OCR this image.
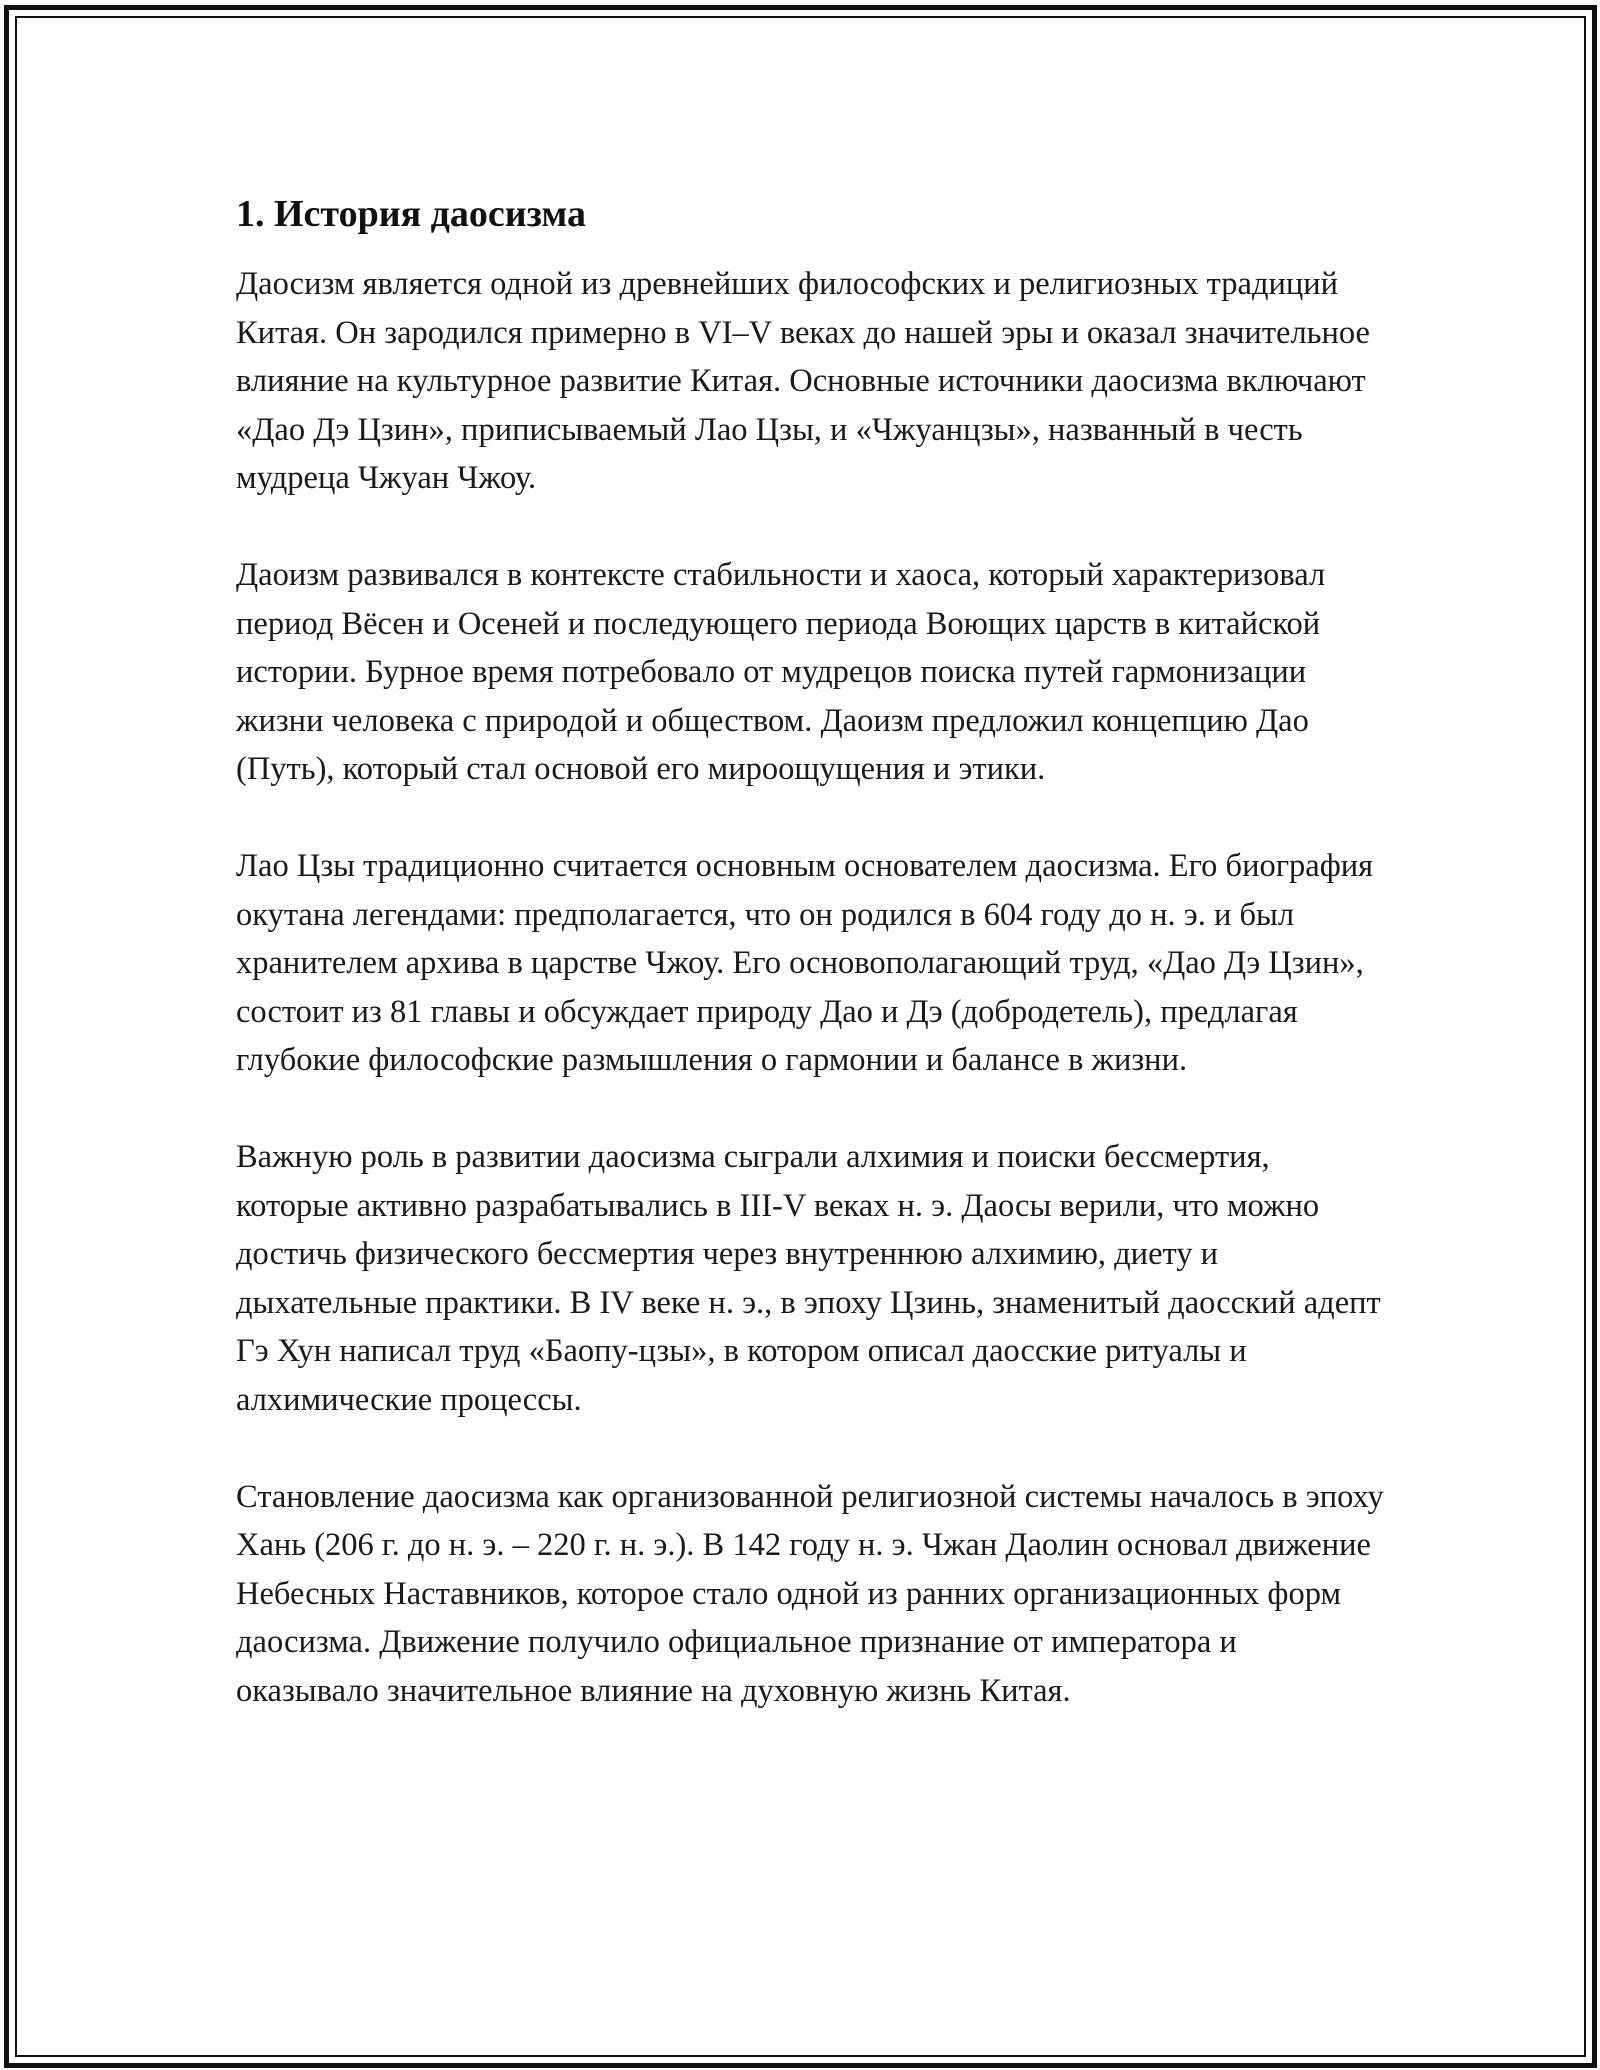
1. История даосизма

Даосизм является одной из древнейших философских и религиозных традиций Китая. Он зародился примерно в VI–V веках до нашей эры и оказал значительное влияние на культурное развитие Китая. Основные источники даосизма включают «Дао Дэ Цзин», приписываемый Лао Цзы, и «Чжуанцзы», названный в честь мудреца Чжуан Чжоу.

Даоизм развивался в контексте стабильности и хаоса, который характеризовал период Вёсен и Осеней и последующего периода Воющих царств в китайской истории. Бурное время потребовало от мудрецов поиска путей гармонизации жизни человека с природой и обществом. Даоизм предложил концепцию Дао (Путь), который стал основой его мироощущения и этики.

Лао Цзы традиционно считается основным основателем даосизма. Его биография окутана легендами: предполагается, что он родился в 604 году до н. э. и был хранителем архива в царстве Чжоу. Его основополагающий труд, «Дао Дэ Цзин», состоит из 81 главы и обсуждает природу Дао и Дэ (добродетель), предлагая глубокие философские размышления о гармонии и балансе в жизни.

Важную роль в развитии даосизма сыграли алхимия и поиски бессмертия, которые активно разрабатывались в III-V веках н. э. Даосы верили, что можно достичь физического бессмертия через внутреннюю алхимию, диету и дыхательные практики. В IV веке н. э., в эпоху Цзинь, знаменитый даосский адепт Гэ Хун написал труд «Баопу-цзы», в котором описал даосские ритуалы и алхимические процессы.

Становление даосизма как организованной религиозной системы началось в эпоху Хань (206 г. до н. э. – 220 г. н. э.). В 142 году н. э. Чжан Даолин основал движение Небесных Наставников, которое стало одной из ранних организационных форм даосизма. Движение получило официальное признание от императора и оказывало значительное влияние на духовную жизнь Китая.
